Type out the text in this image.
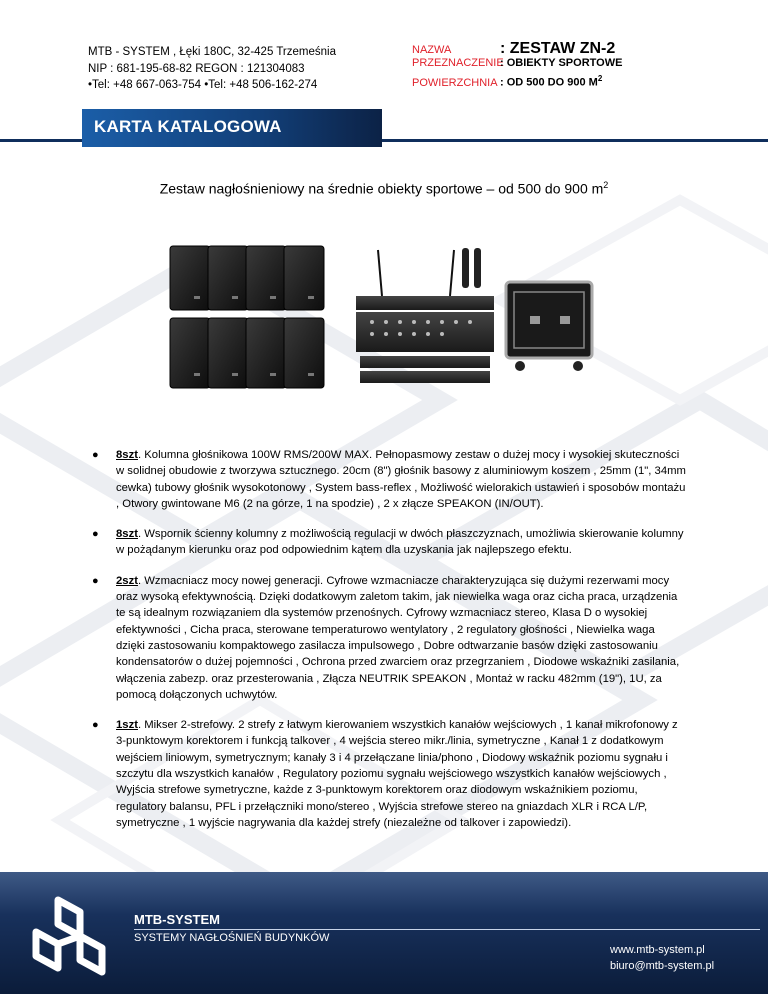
MTB - SYSTEM , Łęki 180C, 32-425 Trzemeśnia
NIP : 681-195-68-82 REGON : 121304083
•Tel: +48 667-063-754 •Tel: +48 506-162-274
NAZWA	: ZESTAW ZN-2
PRZEZNACZENIE
: OBIEKTY SPORTOWE
POWIERZCHNIA : OD 500 DO 900 $M^2$
KARTA KATALOGOWA
Zestaw nagłośnieniowy na średnie obiekty sportowe – od 500 do 900 $m^2$
● 8szt. Kolumna głośnikowa 100W RMS/200W MAX. Pełnopasmowy zestaw o dużej mocy i wysokiej skuteczności w solidnej obudowie z tworzywa sztucznego. 20cm (8") głośnik basowy z aluminiowym koszem , 25mm (1", 34mm cewka) tubowy głośnik wysokotonowy , System bass-reflex , Możliwość wielorakich ustawień i sposobów montażu , Otwory gwintowane M6 (2 na górze, 1 na spodzie) , 2 x złącze SPEAKON (IN/OUT).
● 8szt. Wspornik ścienny kolumny z możliwością regulacji w dwóch płaszczyznach, umożliwia skierowanie kolumny w pożądanym kierunku oraz pod odpowiednim kątem dla uzyskania jak najlepszego efektu.
● 2szt. Wzmacniacz mocy nowej generacji. Cyfrowe wzmacniacze charakteryzująca się dużymi rezerwami mocy oraz wysoką efektywnością. Dzięki dodatkowym zaletom takim, jak niewielka waga oraz cicha praca, urządzenia te są idealnym rozwiązaniem dla systemów przenośnych. Cyfrowy wzmacniacz stereo, Klasa D o wysokiej efektywności , Cicha praca, sterowane temperaturowo wentylatory , 2 regulatory głośności , Niewielka waga dzięki zastosowaniu kompaktowego zasilacza impulsowego , Dobre odtwarzanie basów dzięki zastosowaniu kondensatorów o dużej pojemności , Ochrona przed zwarciem oraz przegrzaniem , Diodowe wskaźniki zasilania, włączenia zabezp. oraz przesterowania , Złącza NEUTRIK SPEAKON , Montaż w racku 482mm (19"), 1U, za pomocą dołączonych uchwytów.
● 1szt. Mikser 2-strefowy. 2 strefy z łatwym kierowaniem wszystkich kanałów wejściowych , 1 kanał mikrofonowy z 3-punktowym korektorem i funkcją talkover , 4 wejścia stereo mikr./linia, symetryczne , Kanał 1 z dodatkowym wejściem liniowym, symetrycznym; kanały 3 i 4 przełączane linia/phono , Diodowy wskaźnik poziomu sygnału i szczytu dla wszystkich kanałów , Regulatory poziomu sygnału wejściowego wszystkich kanałów wejściowych , Wyjścia strefowe symetryczne, każde z 3-punktowym korektorem oraz diodowym wskaźnikiem poziomu, regulatory balansu, PFL i przełączniki mono/stereo , Wyjścia strefowe stereo na gniazdach XLR i RCA L/P, symetryczne , 1 wyjście nagrywania dla każdej strefy (niezależne od talkover i zapowiedzi).
MTB-SYSTEM
SYSTEMY NAGŁOŚNIEŃ BUDYNKÓW
www.mtb-system.pl
biuro@mtb-system.pl
